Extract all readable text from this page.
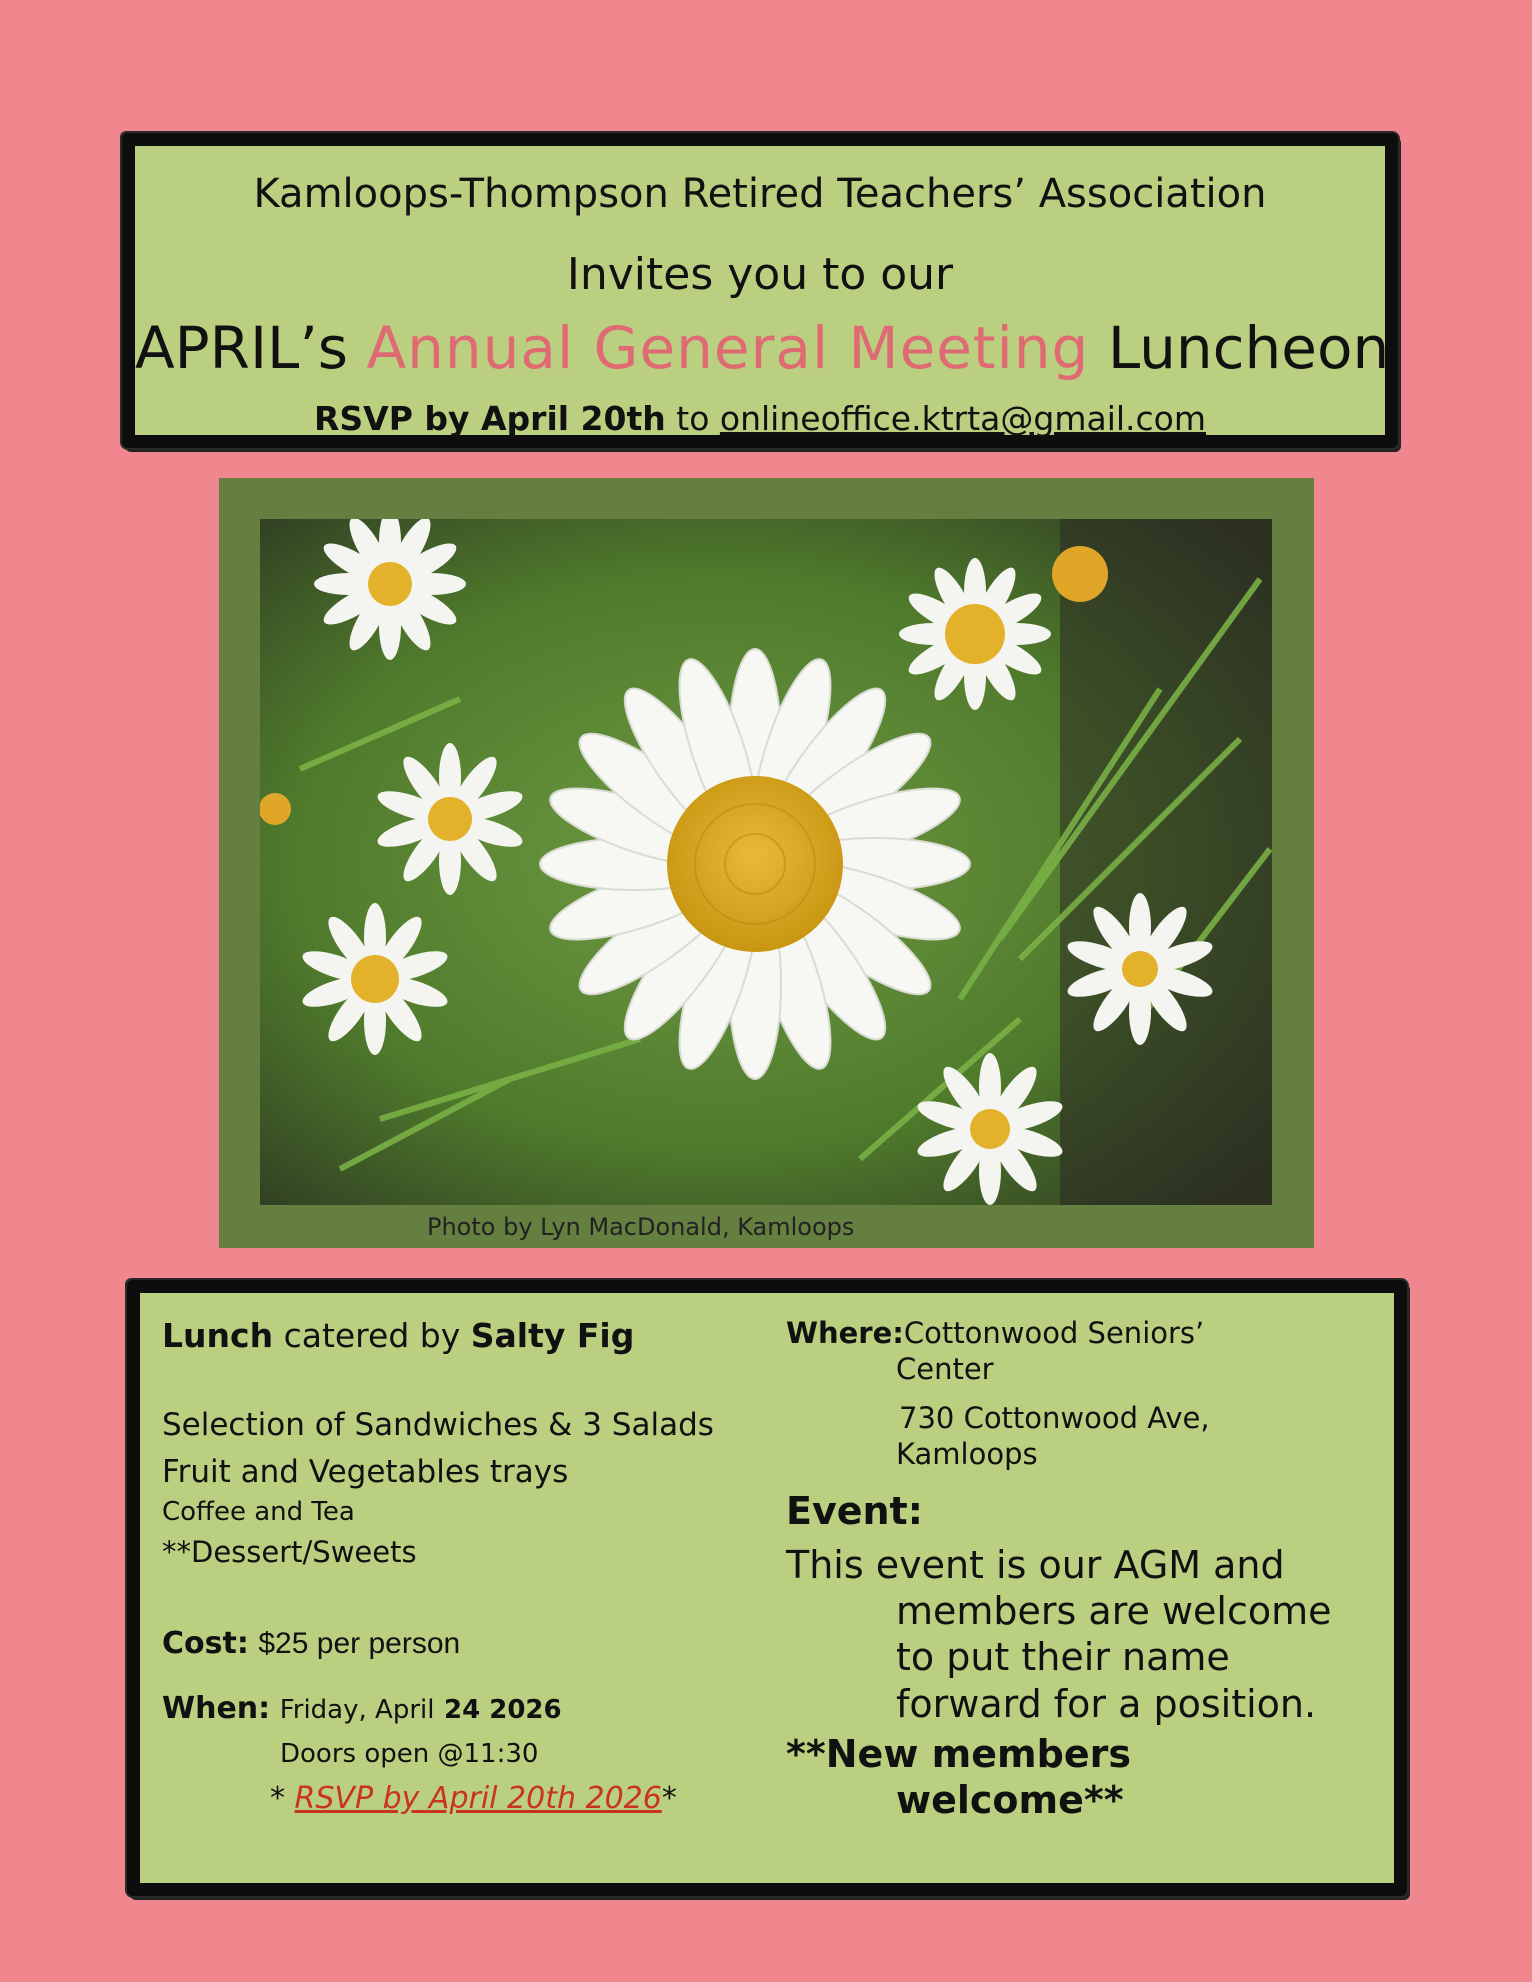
Kamloops-Thompson Retired Teachers’ Association
Invites you to our
APRIL’s Annual General Meeting Luncheon
RSVP by April 20th to onlineoffice.ktrta@gmail.com
Photo by Lyn MacDonald, Kamloops
Lunch catered by Salty Fig
Selection of Sandwiches & 3 Salads
Fruit and Vegetables trays
Coffee and Tea
**Dessert/Sweets
Cost: $25 per person
When: Friday, April 24 2026
Doors open @11:30
* RSVP by April 20th 2026*
Where:Cottonwood Seniors’
Center
730 Cottonwood Ave,
Kamloops
Event:
This event is our AGM and
members are welcome
to put their name
forward for a position.
**New members
welcome**
